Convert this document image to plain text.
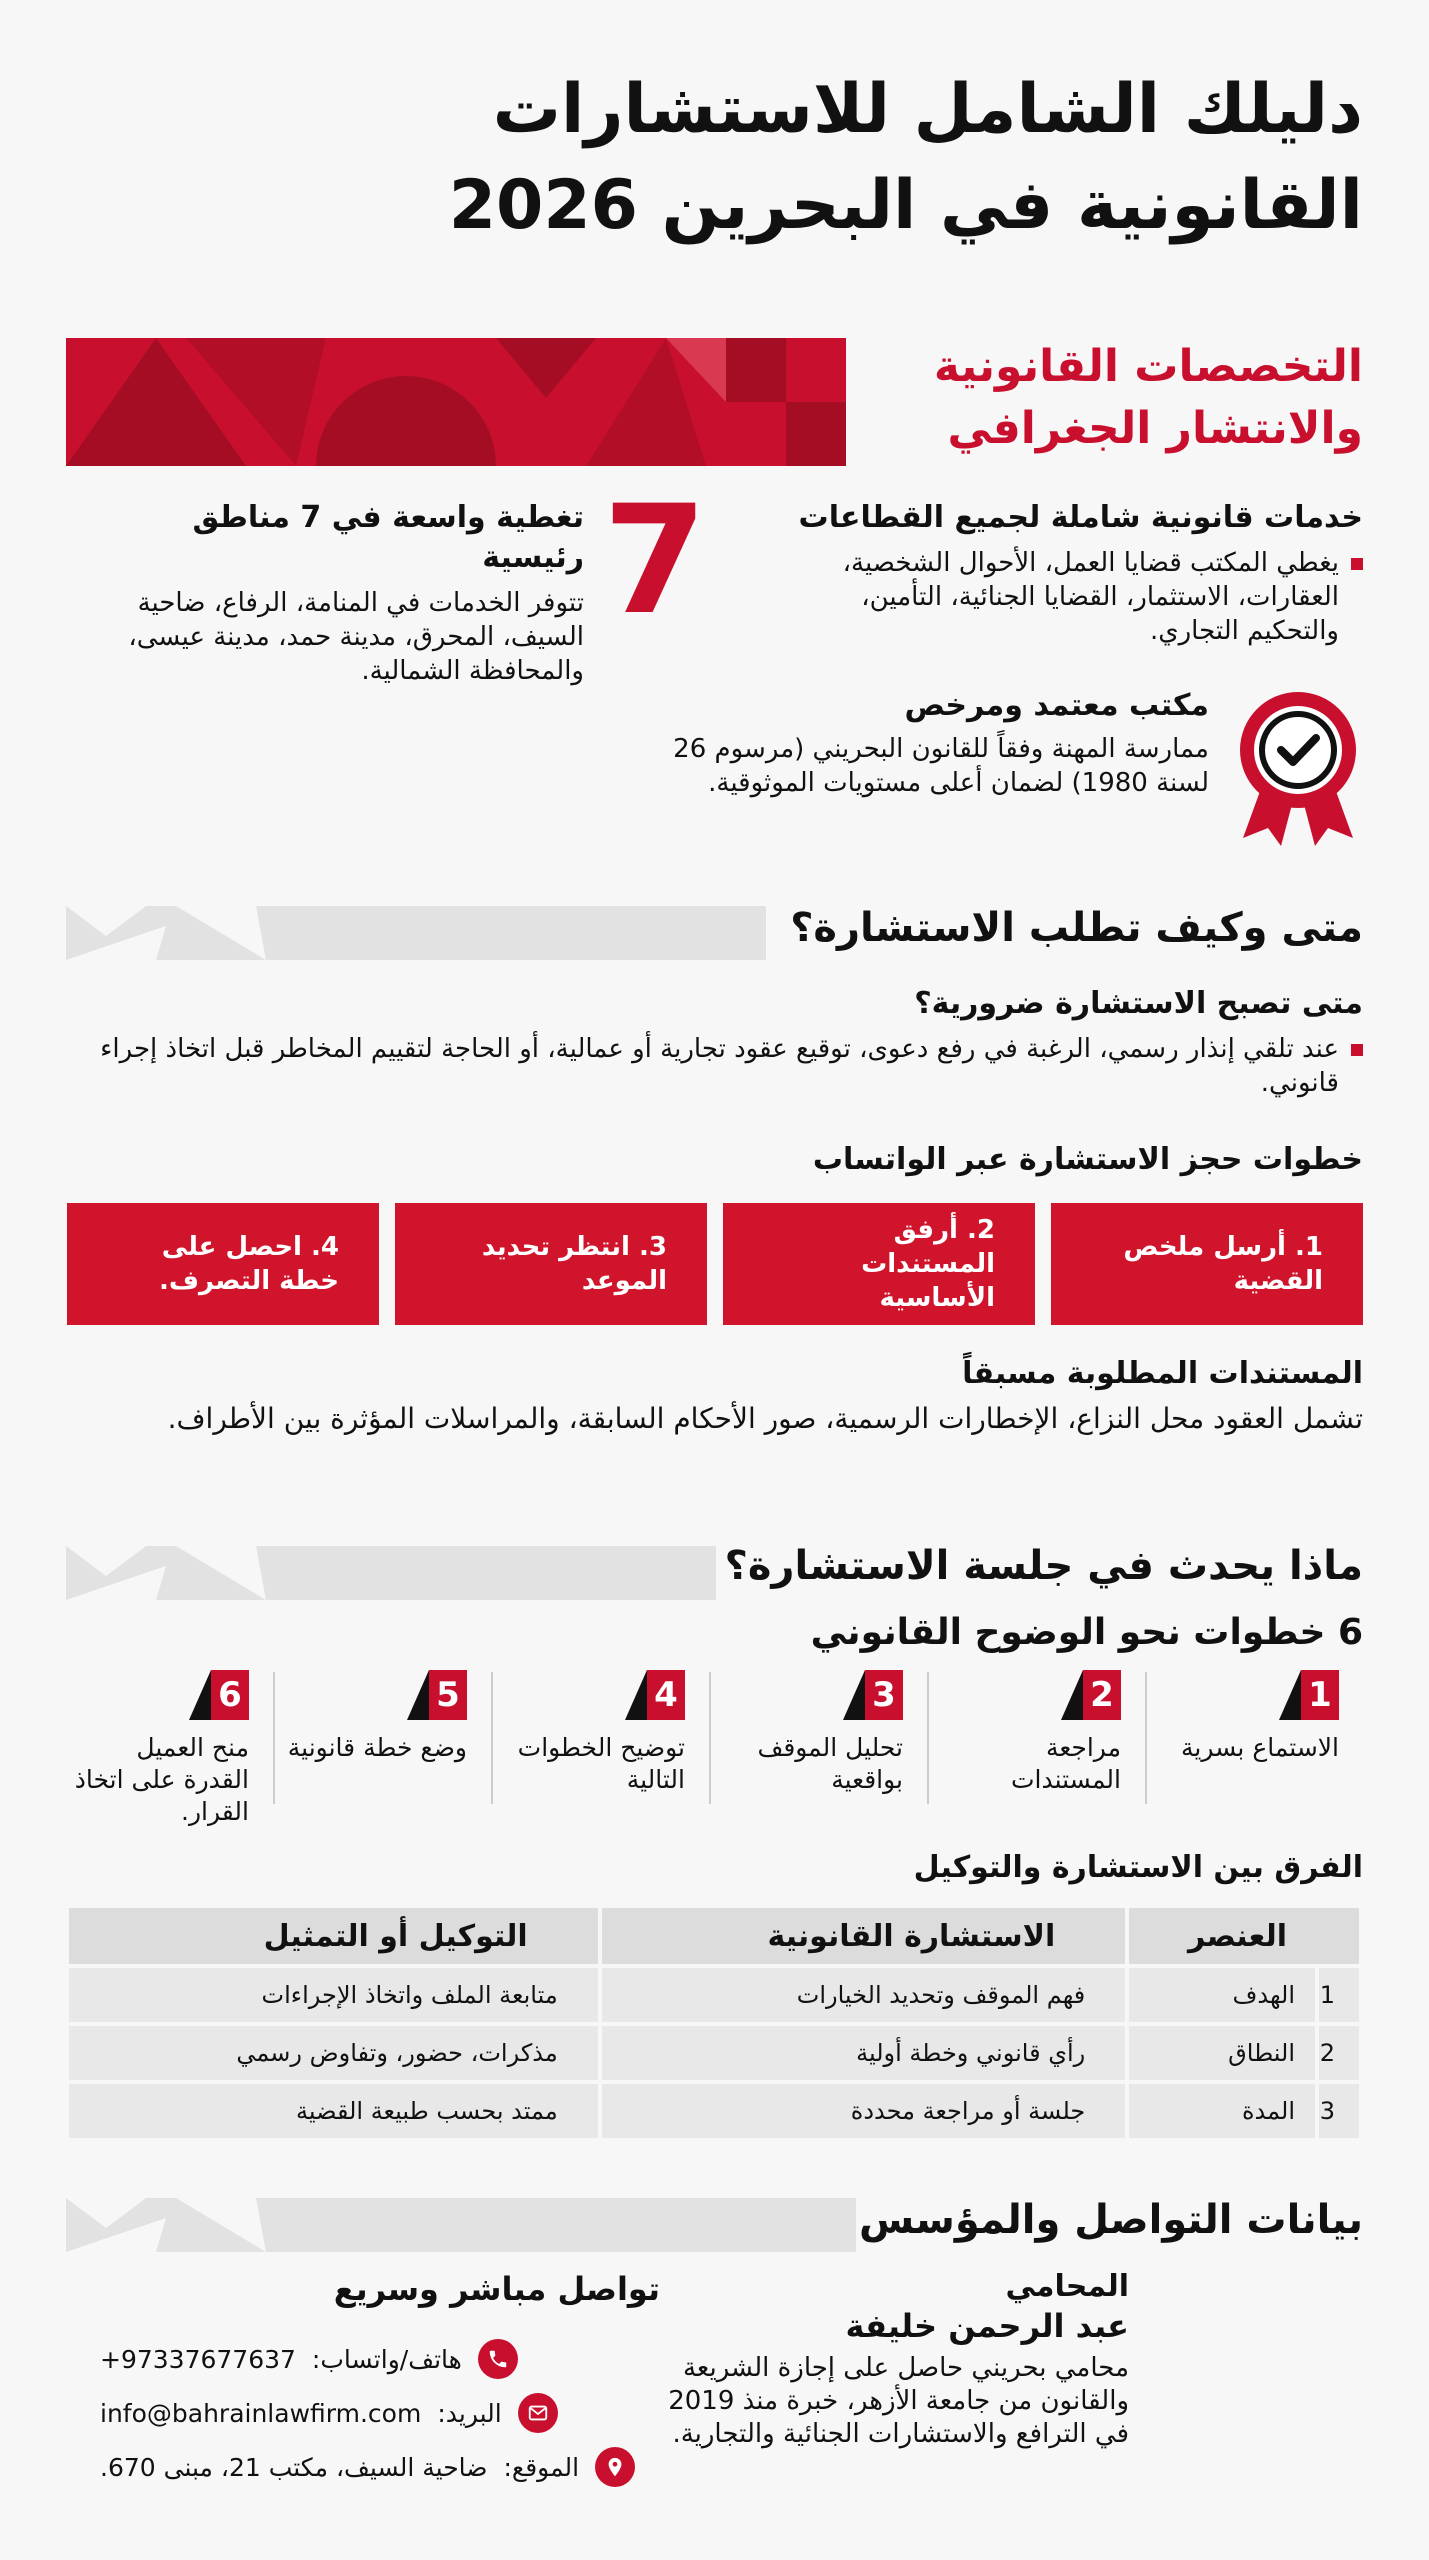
دليلك الشامل للاستشارات
القانونية في البحرين 2026
التخصصات القانونية
والانتشار الجغرافي
خدمات قانونية شاملة لجميع القطاعات
يغطي المكتب قضايا العمل، الأحوال الشخصية، العقارات، الاستثمار، القضايا الجنائية، التأمين، والتحكيم التجاري.
7
تغطية واسعة في 7 مناطق رئيسية
تتوفر الخدمات في المنامة، الرفاع، ضاحية السيف، المحرق، مدينة حمد، مدينة عيسى، والمحافظة الشمالية.
مكتب معتمد ومرخص
ممارسة المهنة وفقاً للقانون البحريني (مرسوم 26 لسنة 1980) لضمان أعلى مستويات الموثوقية.
متى وكيف تطلب الاستشارة؟
متى تصبح الاستشارة ضرورية؟
عند تلقي إنذار رسمي، الرغبة في رفع دعوى، توقيع عقود تجارية أو عمالية، أو الحاجة لتقييم المخاطر قبل اتخاذ إجراء قانوني.
خطوات حجز الاستشارة عبر الواتساب
1. أرسل ملخص القضية
2. أرفق المستندات الأساسية
3. انتظر تحديد الموعد
4. احصل على خطة التصرف.
المستندات المطلوبة مسبقاً
تشمل العقود محل النزاع، الإخطارات الرسمية، صور الأحكام السابقة، والمراسلات المؤثرة بين الأطراف.
ماذا يحدث في جلسة الاستشارة؟
6 خطوات نحو الوضوح القانوني
1
الاستماع بسرية
2
مراجعة المستندات
3
تحليل الموقف بواقعية
4
توضيح الخطوات التالية
5
وضع خطة قانونية
6
منح العميل القدرة على اتخاذ القرار.
الفرق بين الاستشارة والتوكيل
العنصر		الاستشارة القانونية	التوكيل أو التمثيل
1	الهدف	فهم الموقف وتحديد الخيارات	متابعة الملف واتخاذ الإجراءات
2	النطاق	رأي قانوني وخطة أولية	مذكرات، حضور، وتفاوض رسمي
3	المدة	جلسة أو مراجعة محددة	ممتد بحسب طبيعة القضية
بيانات التواصل والمؤسس
المحامي
عبد الرحمن خليفة
محامي بحريني حاصل على إجازة الشريعة والقانون من جامعة الأزهر، خبرة منذ 2019 في الترافع والاستشارات الجنائية والتجارية.
تواصل مباشر وسريع
هاتف/واتساب:
+97337677637
البريد:
info@bahrainlawfirm.com
الموقع:
ضاحية السيف، مكتب 21، مبنى 670.
